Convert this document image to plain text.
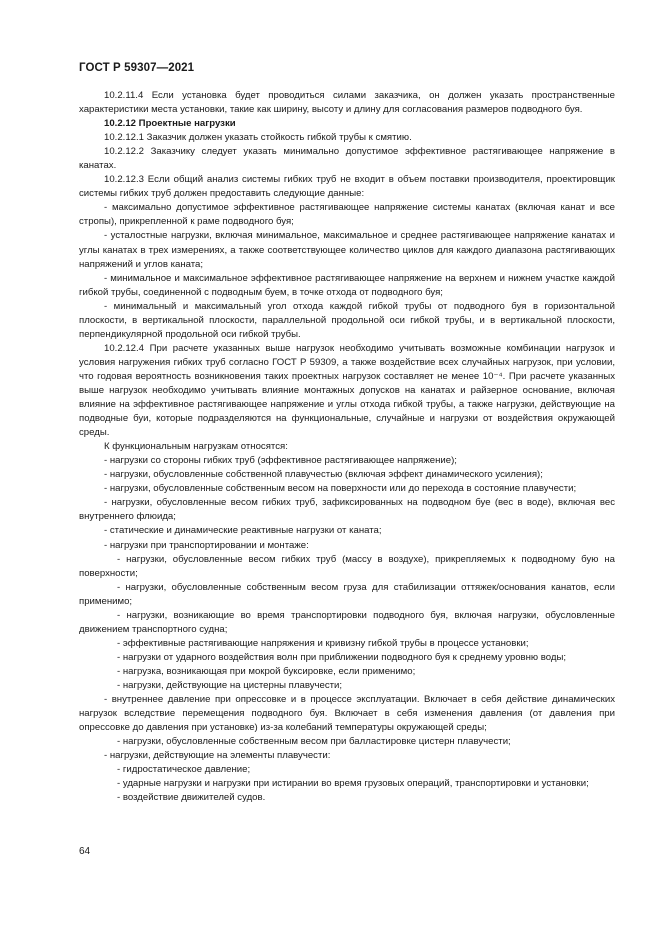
ГОСТ Р 59307—2021

10.2.11.4 Если установка будет проводиться силами заказчика, он должен указать пространственные характеристики места установки, такие как ширину, высоту и длину для согласования размеров подводного буя.

10.2.12 Проектные нагрузки

10.2.12.1 Заказчик должен указать стойкость гибкой трубы к смятию.

10.2.12.2 Заказчику следует указать минимально допустимое эффективное растягивающее напряжение в канатах.

10.2.12.3 Если общий анализ системы гибких труб не входит в объем поставки производителя, проектировщик системы гибких труб должен предоставить следующие данные:

- максимально допустимое эффективное растягивающее напряжение системы канатах (включая канат и все стропы), прикрепленной к раме подводного буя;

- усталостные нагрузки, включая минимальное, максимальное и среднее растягивающее напряжение канатах и углы канатах в трех измерениях, а также соответствующее количество циклов для каждого диапазона растягивающих напряжений и углов каната;

- минимальное и максимальное эффективное растягивающее напряжение на верхнем и нижнем участке каждой гибкой трубы, соединенной с подводным буем, в точке отхода от подводного буя;

- минимальный и максимальный угол отхода каждой гибкой трубы от подводного буя в горизонтальной плоскости, в вертикальной плоскости, параллельной продольной оси гибкой трубы, и в вертикальной плоскости, перпендикулярной продольной оси гибкой трубы.

10.2.12.4 При расчете указанных выше нагрузок необходимо учитывать возможные комбинации нагрузок и условия нагружения гибких труб согласно ГОСТ Р 59309, а также воздействие всех случайных нагрузок, при условии, что годовая вероятность возникновения таких проектных нагрузок составляет не менее 10⁻⁴. При расчете указанных выше нагрузок необходимо учитывать влияние монтажных допусков на канатах и райзерное основание, включая влияние на эффективное растягивающее напряжение и углы отхода гибкой трубы, а также нагрузки, действующие на подводные буи, которые подразделяются на функциональные, случайные и нагрузки от воздействия окружающей среды.

К функциональным нагрузкам относятся:

- нагрузки со стороны гибких труб (эффективное растягивающее напряжение);

- нагрузки, обусловленные собственной плавучестью (включая эффект динамического усиления);

- нагрузки, обусловленные собственным весом на поверхности или до перехода в состояние плавучести;

- нагрузки, обусловленные весом гибких труб, зафиксированных на подводном буе (вес в воде), включая вес внутреннего флюида;

- статические и динамические реактивные нагрузки от каната;

- нагрузки при транспортировании и монтаже:

- нагрузки, обусловленные весом гибких труб (массу в воздухе), прикрепляемых к подводному бую на поверхности;

- нагрузки, обусловленные собственным весом груза для стабилизации оттяжек/основания канатов, если применимо;

- нагрузки, возникающие во время транспортировки подводного буя, включая нагрузки, обусловленные движением транспортного судна;

- эффективные растягивающие напряжения и кривизну гибкой трубы в процессе установки;

- нагрузки от ударного воздействия волн при приближении подводного буя к среднему уровню воды;

- нагрузка, возникающая при мокрой буксировке, если применимо;

- нагрузки, действующие на цистерны плавучести;

- внутреннее давление при опрессовке и в процессе эксплуатации. Включает в себя действие динамических нагрузок вследствие перемещения подводного буя. Включает в себя изменения давления (от давления при опрессовке до давления при установке) из-за колебаний температуры окружающей среды;

- нагрузки, обусловленные собственным весом при балластировке цистерн плавучести;

- нагрузки, действующие на элементы плавучести:

- гидростатическое давление;

- ударные нагрузки и нагрузки при истирании во время грузовых операций, транспортировки и установки;

- воздействие движителей судов.

64
